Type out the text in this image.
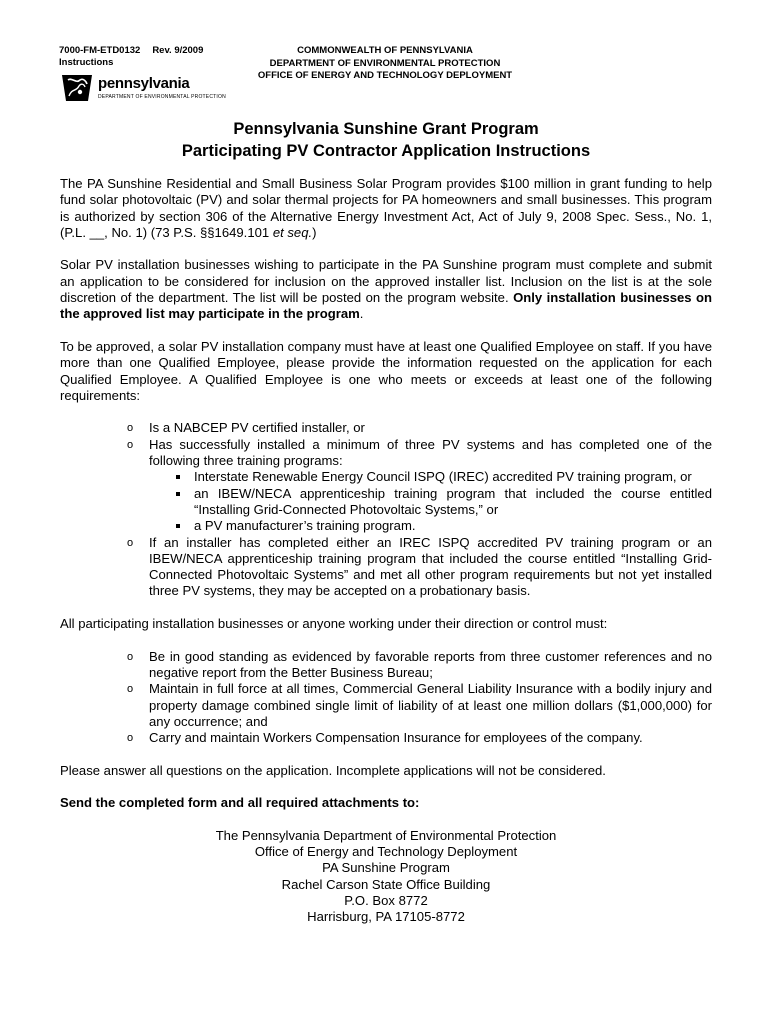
7000-FM-ETD0132 Rev. 9/2009
Instructions
pennsylvania
DEPARTMENT OF ENVIRONMENTAL PROTECTION
COMMONWEALTH OF PENNSYLVANIA
DEPARTMENT OF ENVIRONMENTAL PROTECTION
OFFICE OF ENERGY AND TECHNOLOGY DEPLOYMENT
Pennsylvania Sunshine Grant Program
Participating PV Contractor Application Instructions

The PA Sunshine Residential and Small Business Solar Program provides $100 million in grant funding to help fund solar photovoltaic (PV) and solar thermal projects for PA homeowners and small businesses. This program is authorized by section 306 of the Alternative Energy Investment Act, Act of July 9, 2008 Spec. Sess., No. 1, (P.L. __, No. 1) (73 P.S. §§1649.101 et seq.)

Solar PV installation businesses wishing to participate in the PA Sunshine program must complete and submit an application to be considered for inclusion on the approved installer list. Inclusion on the list is at the sole discretion of the department. The list will be posted on the program website. Only installation businesses on the approved list may participate in the program.

To be approved, a solar PV installation company must have at least one Qualified Employee on staff. If you have more than one Qualified Employee, please provide the information requested on the application for each Qualified Employee. A Qualified Employee is one who meets or exceeds at least one of the following requirements:

o Is a NABCEP PV certified installer, or
o Has successfully installed a minimum of three PV systems and has completed one of the following three training programs:
Interstate Renewable Energy Council ISPQ (IREC) accredited PV training program, or
an IBEW/NECA apprenticeship training program that included the course entitled “Installing Grid-Connected Photovoltaic Systems,” or
a PV manufacturer’s training program.
o If an installer has completed either an IREC ISPQ accredited PV training program or an IBEW/NECA apprenticeship training program that included the course entitled “Installing Grid-Connected Photovoltaic Systems” and met all other program requirements but not yet installed three PV systems, they may be accepted on a probationary basis.

All participating installation businesses or anyone working under their direction or control must:

o Be in good standing as evidenced by favorable reports from three customer references and no negative report from the Better Business Bureau;
o Maintain in full force at all times, Commercial General Liability Insurance with a bodily injury and property damage combined single limit of liability of at least one million dollars ($1,000,000) for any occurrence; and
o Carry and maintain Workers Compensation Insurance for employees of the company.

Please answer all questions on the application. Incomplete applications will not be considered.

Send the completed form and all required attachments to:

The Pennsylvania Department of Environmental Protection
Office of Energy and Technology Deployment
PA Sunshine Program
Rachel Carson State Office Building
P.O. Box 8772
Harrisburg, PA 17105-8772
